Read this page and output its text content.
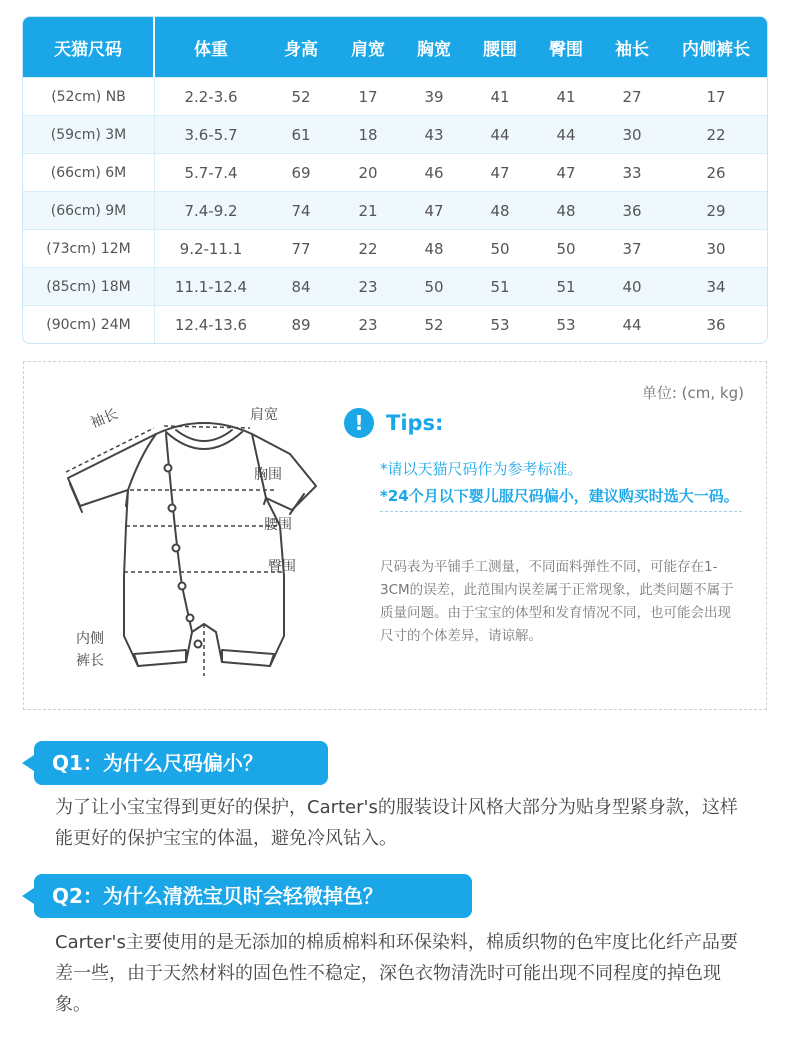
天猫尺码	体重	身高	肩宽	胸宽	腰围	臀围	袖长	内侧裤长
(52cm) NB	2.2-3.6	52	17	39	41	41	27	17
(59cm) 3M	3.6-5.7	61	18	43	44	44	30	22
(66cm) 6M	5.7-7.4	69	20	46	47	47	33	26
(66cm) 9M	7.4-9.2	74	21	47	48	48	36	29
(73cm) 12M	9.2-11.1	77	22	48	50	50	37	30
(85cm) 18M	11.1-12.4	84	23	50	51	51	40	34
(90cm) 24M	12.4-13.6	89	23	52	53	53	44	36
单位: (cm, kg)
袖长	肩宽
胸围
腰围
臀围
内侧
裤长
!	Tips:
*请以天猫尺码作为参考标准。
*24个月以下婴儿服尺码偏小，建议购买时选大一码。
尺码表为平铺手工测量，不同面料弹性不同，可能存在1-3CM的误差，此范围内误差属于正常现象，此类问题不属于质量问题。由于宝宝的体型和发育情况不同，也可能会出现尺寸的个体差异，请谅解。
Q1：为什么尺码偏小？
为了让小宝宝得到更好的保护，Carter's的服装设计风格大部分为贴身型紧身款，这样能更好的保护宝宝的体温，避免冷风钻入。
Q2：为什么清洗宝贝时会轻微掉色？
Carter's主要使用的是无添加的棉质棉料和环保染料，棉质织物的色牢度比化纤产品要差一些，由于天然材料的固色性不稳定，深色衣物清洗时可能出现不同程度的掉色现象。
